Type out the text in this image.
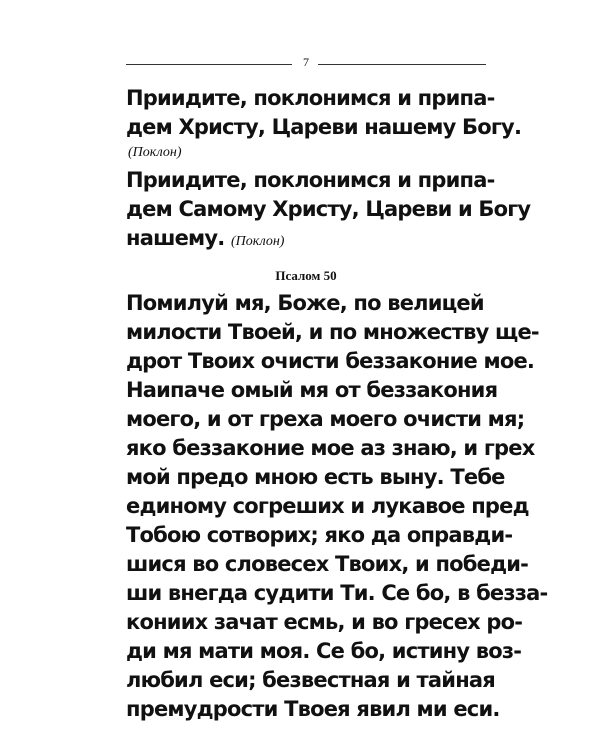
7
Приидите, поклонимся и припа-
дем Христу, Цареви нашему Богу.
(Поклон)
Приидите, поклонимся и припа-
дем Самому Христу, Цареви и Богу
нашему. (Поклон)
Псалом 50
Помилуй мя, Боже, по велицей
милости Твоей, и по множеству ще-
дрот Твоих очисти беззаконие мое.
Наипаче омый мя от беззакония
моего, и от греха моего очисти мя;
яко беззаконие мое аз знаю, и грех
мой предо мною есть выну. Тебе
единому согреших и лукавое пред
Тобою сотворих; яко да оправди-
шися во словесех Твоих, и победи-
ши внегда судити Ти. Се бо, в безза-
кониих зачат есмь, и во гресех ро-
ди мя мати моя. Се бо, истину воз-
любил еси; безвестная и тайная
премудрости Твоея явил ми еси.
